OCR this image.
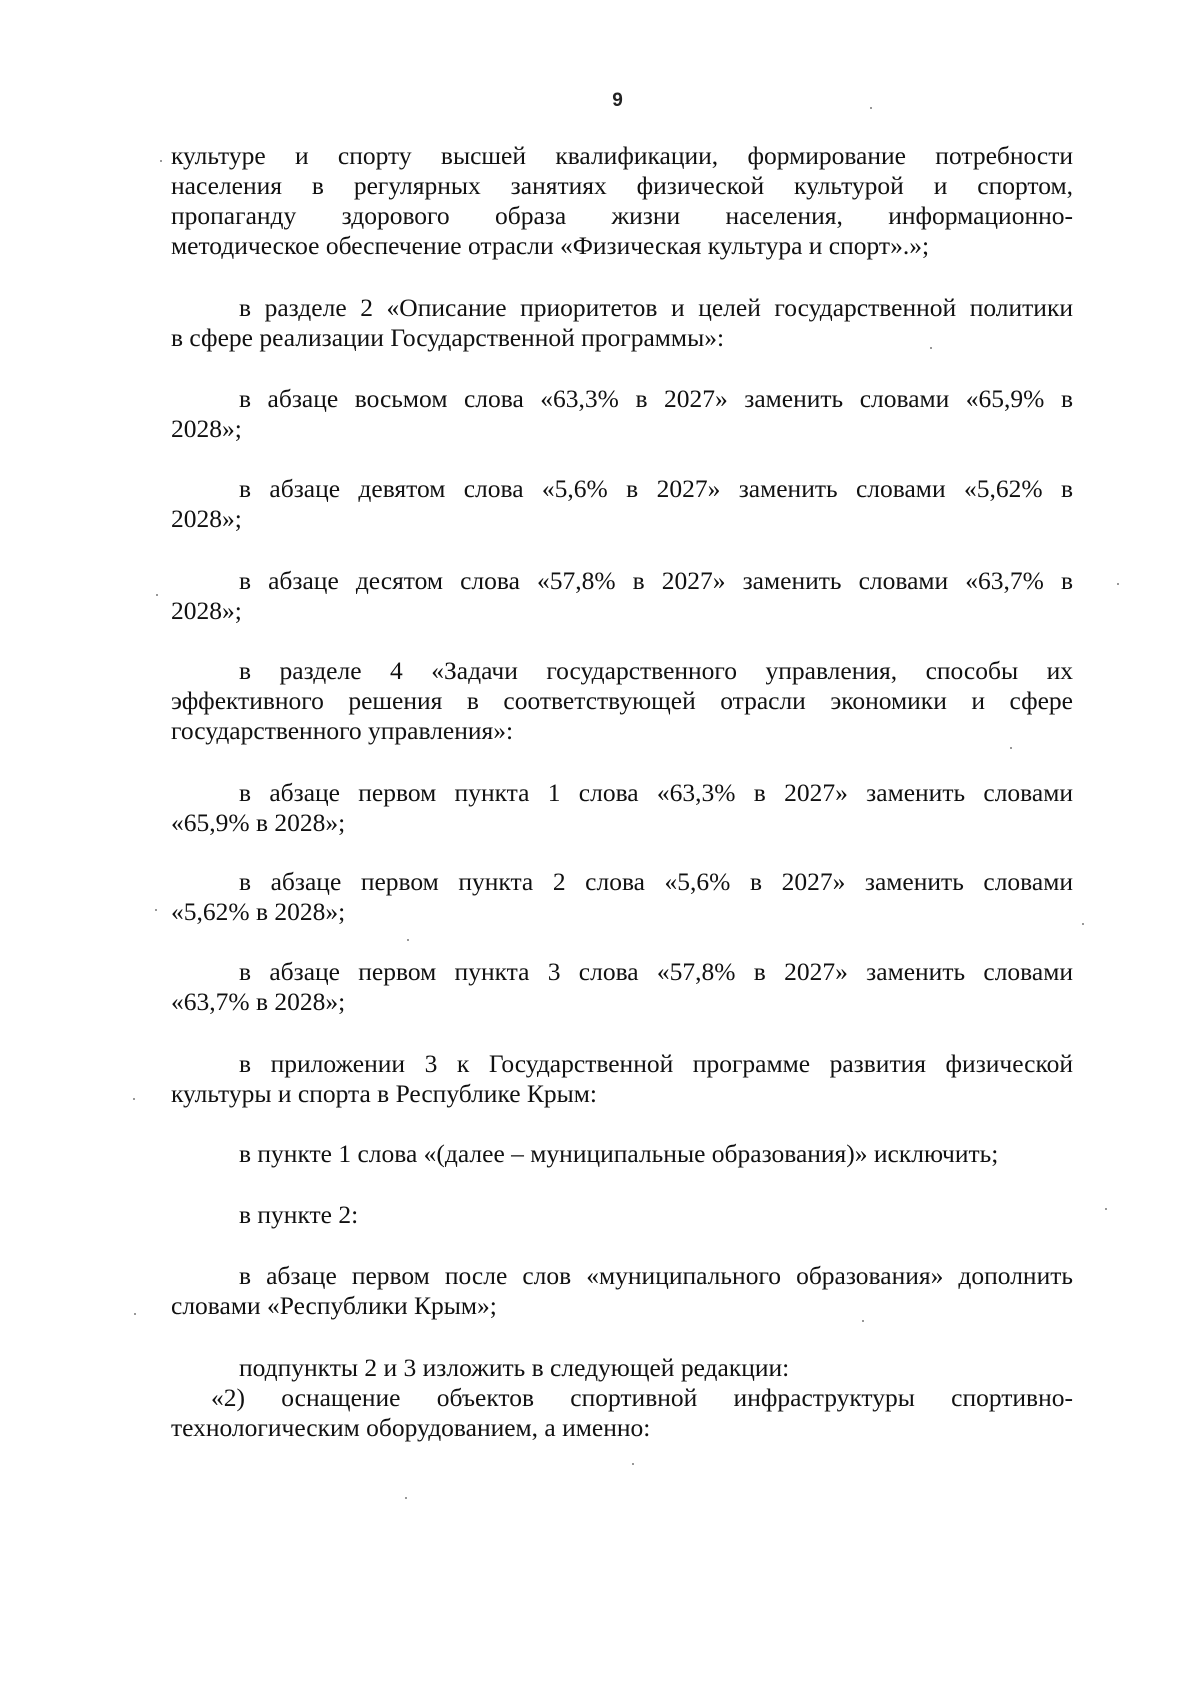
9

культуре и спорту высшей квалификации, формирование потребности

населения в регулярных занятиях физической культурой и спортом,

пропаганду здорового образа жизни населения, информационно-

методическое обеспечение отрасли «Физическая культура и спорт».»;

в разделе 2 «Описание приоритетов и целей государственной политики

в сфере реализации Государственной программы»:

в абзаце восьмом слова «63,3% в 2027» заменить словами «65,9% в

2028»;

в абзаце девятом слова «5,6% в 2027» заменить словами «5,62% в

2028»;

в абзаце десятом слова «57,8% в 2027» заменить словами «63,7% в

2028»;

в разделе 4 «Задачи государственного управления, способы их

эффективного решения в соответствующей отрасли экономики и сфере

государственного управления»:

в абзаце первом пункта 1 слова «63,3% в 2027» заменить словами

«65,9% в 2028»;

в абзаце первом пункта 2 слова «5,6% в 2027» заменить словами

«5,62% в 2028»;

в абзаце первом пункта 3 слова «57,8% в 2027» заменить словами

«63,7% в 2028»;

в приложении 3 к Государственной программе развития физической

культуры и спорта в Республике Крым:

в пункте 1 слова «(далее – муниципальные образования)» исключить;

в пункте 2:

в абзаце первом после слов «муниципального образования» дополнить

словами «Республики Крым»;

подпункты 2 и 3 изложить в следующей редакции:

«2) оснащение объектов спортивной инфраструктуры спортивно-

технологическим оборудованием, а именно:
